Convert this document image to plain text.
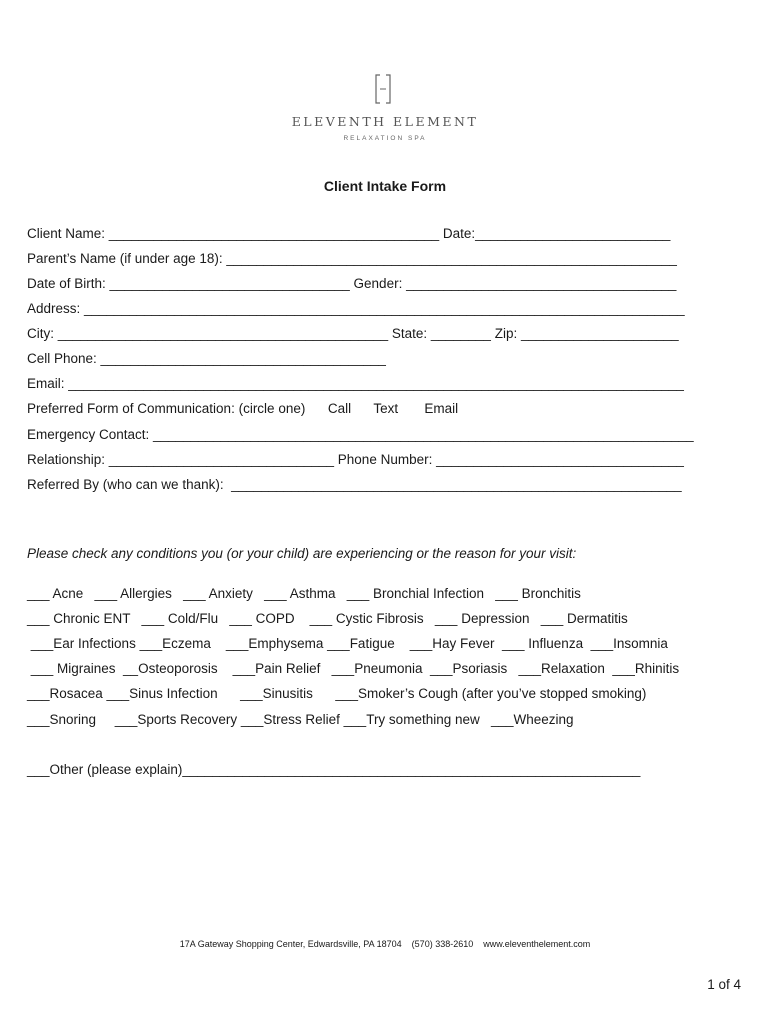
ELEVENTH ELEMENT
RELAXATION SPA
Client Intake Form
Client Name: ____________________________________________ Date:__________________________
Parent’s Name (if under age 18): ____________________________________________________________
Date of Birth: ________________________________ Gender: ____________________________________
Address: ________________________________________________________________________________
City: ____________________________________________ State: ________ Zip: _____________________
Cell Phone: ______________________________________
Email: __________________________________________________________________________________
Preferred Form of Communication: (circle one)      Call      Text       Email
Emergency Contact: ________________________________________________________________________
Relationship: ______________________________ Phone Number: _________________________________
Referred By (who can we thank):  ____________________________________________________________
Please check any conditions you (or your child) are experiencing or the reason for your visit:
___ Acne   ___ Allergies   ___ Anxiety   ___ Asthma   ___ Bronchial Infection   ___ Bronchitis
___ Chronic ENT   ___ Cold/Flu   ___ COPD    ___ Cystic Fibrosis   ___ Depression   ___ Dermatitis
___Ear Infections ___Eczema    ___Emphysema ___Fatigue    ___Hay Fever  ___ Influenza  ___Insomnia
___ Migraines  __Osteoporosis    ___Pain Relief   ___Pneumonia  ___Psoriasis   ___Relaxation  ___Rhinitis
___Rosacea ___Sinus Infection      ___Sinusitis      ___Smoker’s Cough (after you’ve stopped smoking)
___Snoring     ___Sports Recovery ___Stress Relief ___Try something new   ___Wheezing
___Other (please explain)_____________________________________________________________
17A Gateway Shopping Center, Edwardsville, PA 18704    (570) 338-2610    www.eleventhelement.com
1 of 4
